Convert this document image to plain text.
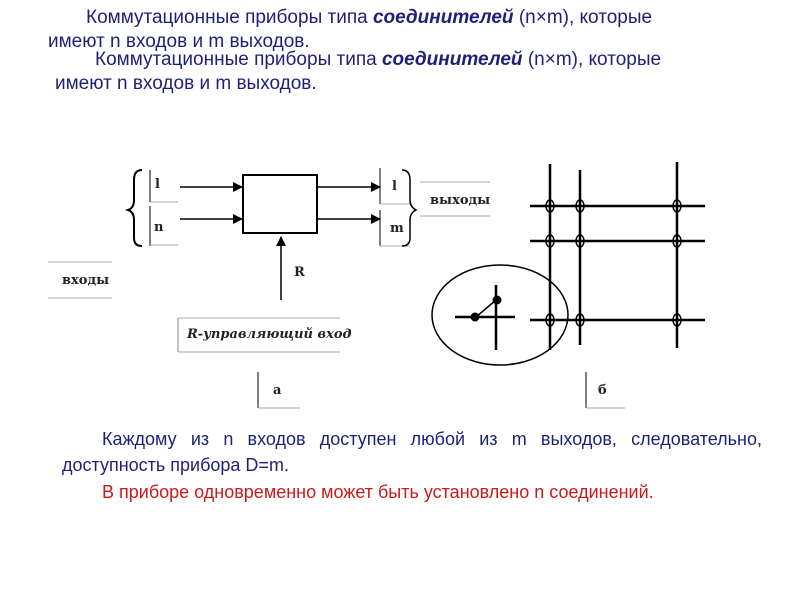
Коммутационные приборы типа соединителей (n×m), которые
имеют n входов и m выходов.

Коммутационные приборы типа соединителей (n×m), которые
имеют n входов и m выходов.

l
n
l
m
выходы
входы
R
R-управляющий вход
а	б

Каждому из n входов доступен любой из m выходов, следовательно, доступность прибора D=m.

В приборе одновременно может быть установлено n соединений.
